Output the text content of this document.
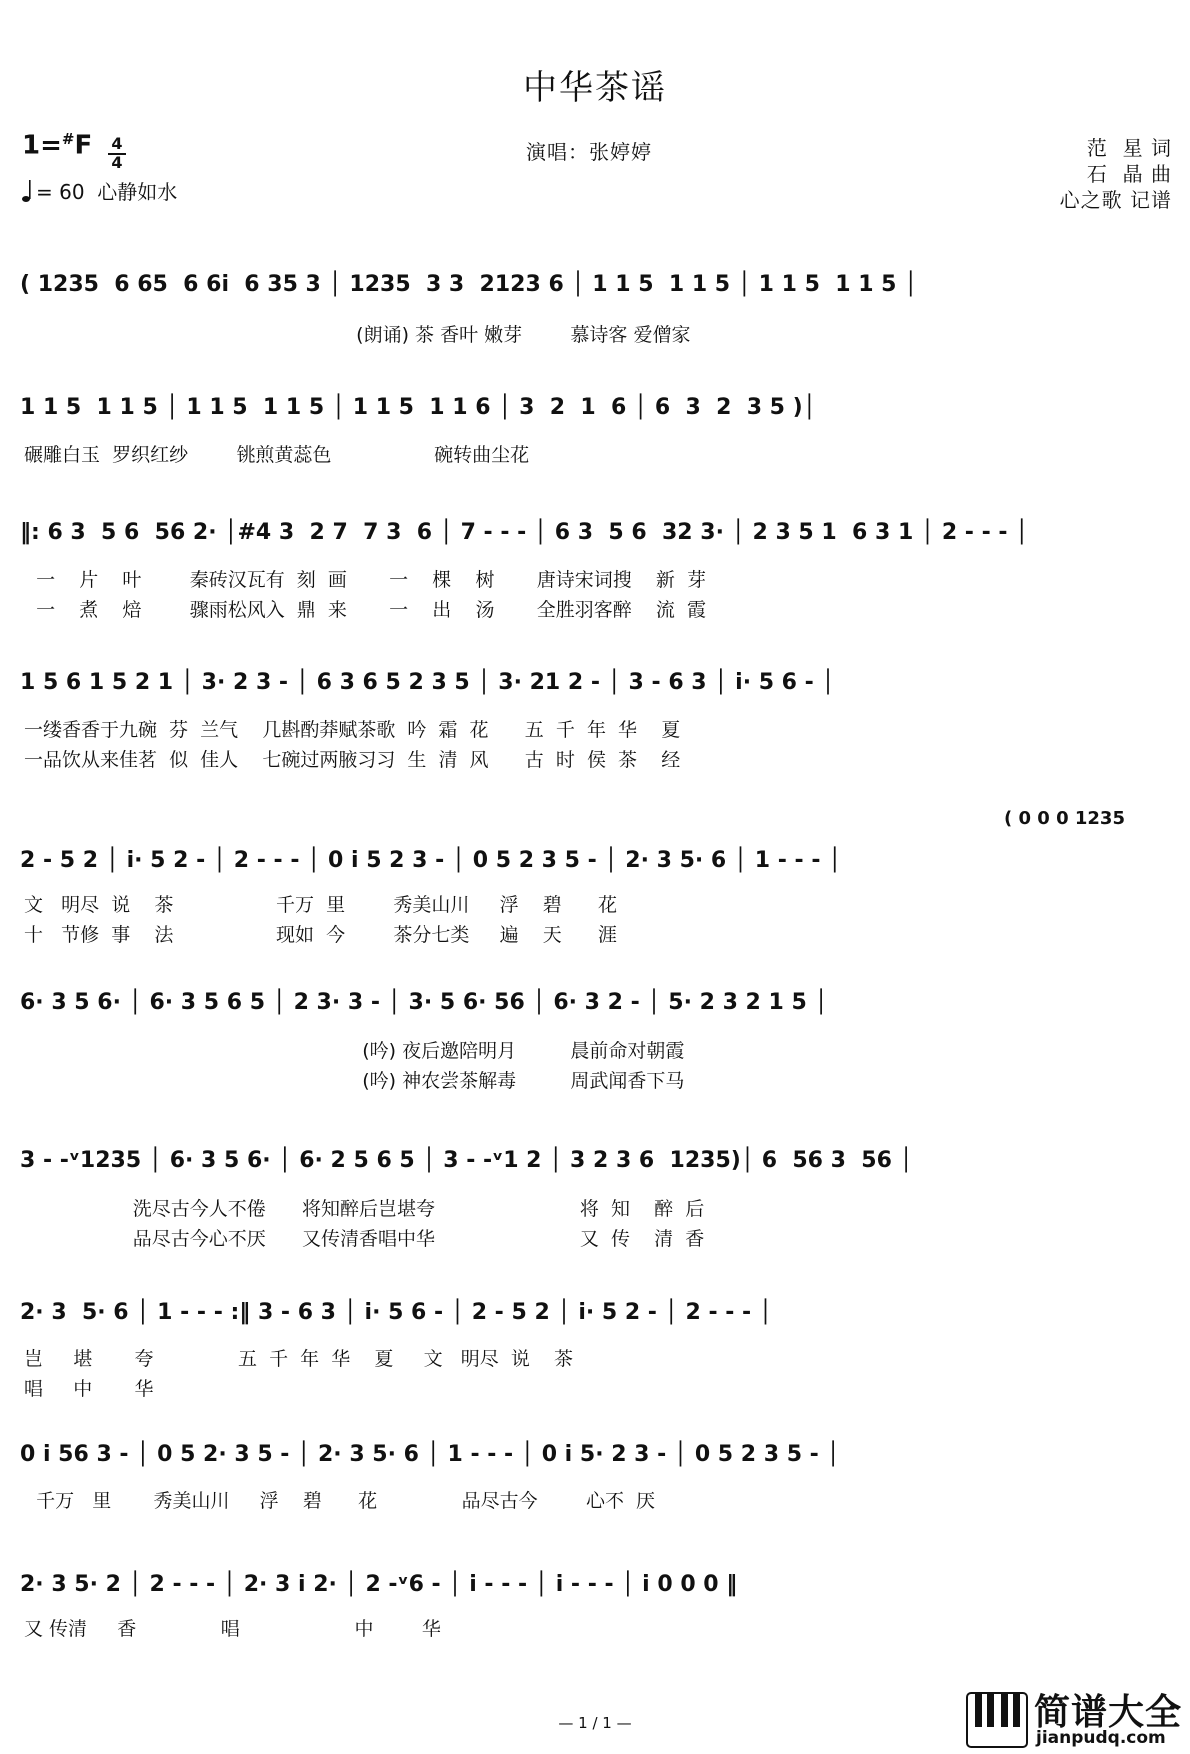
中华茶谣
1=#F 4
4
= 60  心静如水
演唱：张婷婷	范  星 词
石  晶 曲
心之歌 记谱
( 1235  6 65  6 6i  6 35 3 │ 1235  3 3  2123 6 │ 1 1 5  1 1 5 │ 1 1 5  1 1 5 │
(朗诵) 茶 香叶 嫩芽        慕诗客 爱僧家
1 1 5  1 1 5 │ 1 1 5  1 1 5 │ 1 1 5  1 1 6 │ 3  2  1  6 │ 6  3  2  3 5 )│
碾雕白玉  罗织红纱        铫煎黄蕊色                 碗转曲尘花
‖: 6 3  5 6  56 2· │#4 3  2 7  7 3  6 │ 7 - - - │ 6 3  5 6  32 3· │ 2 3 5 1  6 3 1 │ 2 - - - │
一    片    叶        秦砖汉瓦有  刻  画       一    棵    树       唐诗宋词搜    新  芽
一    煮    焙        骤雨松风入  鼎  来       一    出    汤       全胜羽客醉    流  霞
1 5 6 1 5 2 1 │ 3· 2 3 - │ 6 3 6 5 2 3 5 │ 3· 21 2 - │ 3 - 6 3 │ i· 5 6 - │
一缕香香于九碗  芬  兰气    几斟酌莽赋茶歌  吟  霜  花      五  千  年  华    夏
一品饮从来佳茗  似  佳人    七碗过两腋习习  生  清  风      古  时  侯  茶    经
( 0 0 0 1235
2 - 5 2 │ i· 5 2 - │ 2 - - - │ 0 i 5 2 3 - │ 0 5 2 3 5 - │ 2· 3 5· 6 │ 1 - - - │
文   明尽  说    茶                 千万  里        秀美山川     浮    碧      花
十   节修  事    法                 现如  今        茶分七类     遍    天      涯
6· 3 5 6· │ 6· 3 5 6 5 │ 2 3· 3 - │ 3· 5 6· 56 │ 6· 3 2 - │ 5· 2 3 2 1 5 │
(吟) 夜后邀陪明月         晨前命对朝霞
(吟) 神农尝茶解毒         周武闻香下马
3 - -ᵛ1235 │ 6· 3 5 6· │ 6· 2 5 6 5 │ 3 - -ᵛ1 2 │ 3 2 3 6  1235)│ 6  56 3  56 │
洗尽古今人不倦      将知醉后岂堪夸                        将  知    醉  后
品尽古今心不厌      又传清香唱中华                        又  传    清  香
2· 3  5· 6 │ 1 - - - :‖ 3 - 6 3 │ i· 5 6 - │ 2 - 5 2 │ i· 5 2 - │ 2 - - - │
岂     堪       夸              五  千  年  华    夏     文   明尽  说    茶
唱     中       华
0 i 56 3 - │ 0 5 2· 3 5 - │ 2· 3 5· 6 │ 1 - - - │ 0 i 5· 2 3 - │ 0 5 2 3 5 - │
千万   里       秀美山川     浮    碧      花              品尽古今        心不  厌
2· 3 5· 2 │ 2 - - - │ 2· 3 i 2· │ 2 -ᵛ6 - │ i - - - │ i - - - │ i 0 0 0 ‖
又 传清     香              唱                   中        华
— 1 / 1 —	简谱大全
jianpudq.com
